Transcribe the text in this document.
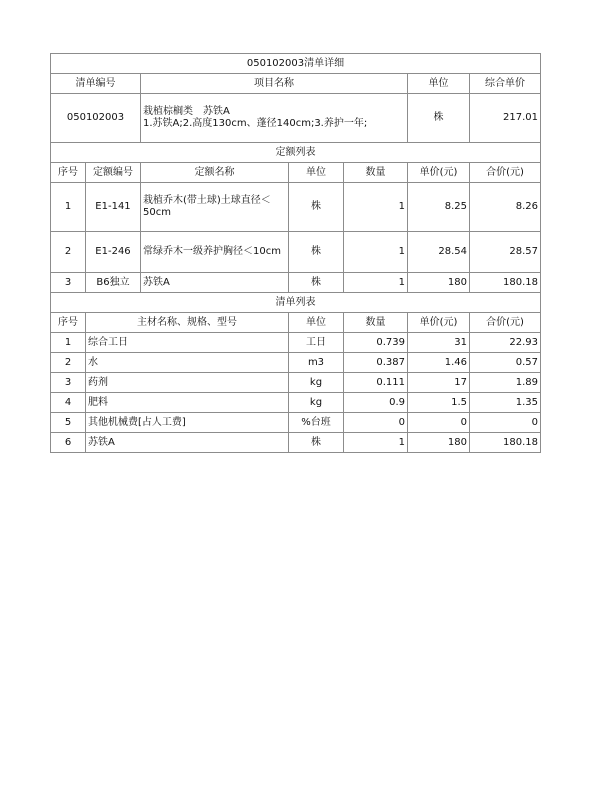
050102003清单详细						
清单编号		项目名称			单位	综合单价
050102003		栽植棕榈类　苏铁A
1.苏铁A;2.高度130cm、蓬径140cm;3.养护一年;			株	217.01
定额列表						
序号	定额编号	定额名称	单位	数量	单价(元)	合价(元)
1	E1-141	栽植乔木(带土球)土球直径＜50cm	株	1	8.25	8.26
2	E1-246	常绿乔木一级养护胸径＜10cm	株	1	28.54	28.57
3	B6独立	苏铁A	株	1	180	180.18
清单列表						
序号	主材名称、规格、型号		单位	数量	单价(元)	合价(元)
1	综合工日		工日	0.739	31	22.93
2	水		m3	0.387	1.46	0.57
3	药剂		kg	0.111	17	1.89
4	肥料		kg	0.9	1.5	1.35
5	其他机械费[占人工费]		%台班	0	0	0
6	苏铁A		株	1	180	180.18
